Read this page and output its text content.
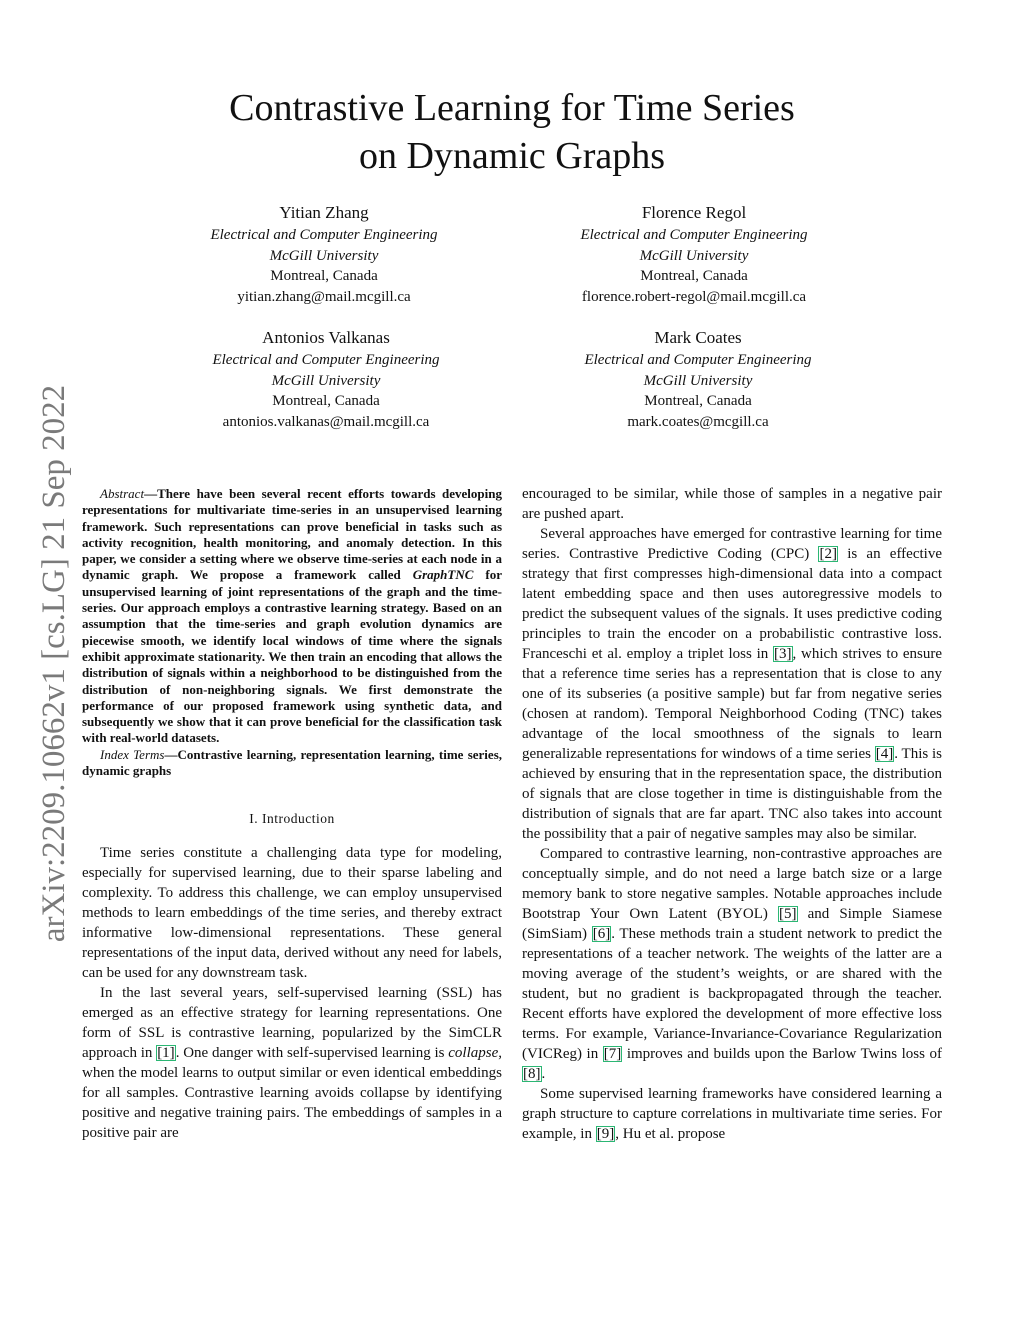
Contrastive Learning for Time Series
on Dynamic Graphs
Yitian Zhang
Electrical and Computer Engineering
McGill University
Montreal, Canada
yitian.zhang@mail.mcgill.ca
Florence Regol
Electrical and Computer Engineering
McGill University
Montreal, Canada
florence.robert-regol@mail.mcgill.ca
Antonios Valkanas
Electrical and Computer Engineering
McGill University
Montreal, Canada
antonios.valkanas@mail.mcgill.ca
Mark Coates
Electrical and Computer Engineering
McGill University
Montreal, Canada
mark.coates@mcgill.ca
arXiv:2209.10662v1 [cs.LG] 21 Sep 2022	Abstract—There have been several recent efforts towards developing representations for multivariate time-series in an unsupervised learning framework. Such representations can prove beneficial in tasks such as activity recognition, health monitoring, and anomaly detection. In this paper, we consider a setting where we observe time-series at each node in a dynamic graph. We propose a framework called GraphTNC for unsupervised learning of joint representations of the graph and the time-series. Our approach employs a contrastive learning strategy. Based on an assumption that the time-series and graph evolution dynamics are piecewise smooth, we identify local windows of time where the signals exhibit approximate stationarity. We then train an encoding that allows the distribution of signals within a neighborhood to be distinguished from the distribution of non-neighboring signals. We first demonstrate the performance of our proposed framework using synthetic data, and subsequently we show that it can prove beneficial for the classification task with real-world datasets.

Index Terms—Contrastive learning, representation learning, time series, dynamic graphs

I. Introduction

Time series constitute a challenging data type for modeling, especially for supervised learning, due to their sparse labeling and complexity. To address this challenge, we can employ unsupervised methods to learn embeddings of the time series, and thereby extract informative low-dimensional representations. These general representations of the input data, derived without any need for labels, can be used for any downstream task.

In the last several years, self-supervised learning (SSL) has emerged as an effective strategy for learning representations. One form of SSL is contrastive learning, popularized by the SimCLR approach in [1]. One danger with self-supervised learning is collapse, when the model learns to output similar or even identical embeddings for all samples. Contrastive learning avoids collapse by identifying positive and negative training pairs. The embeddings of samples in a positive pair are

encouraged to be similar, while those of samples in a negative pair are pushed apart.

Several approaches have emerged for contrastive learning for time series. Contrastive Predictive Coding (CPC) [2] is an effective strategy that first compresses high-dimensional data into a compact latent embedding space and then uses autoregressive models to predict the subsequent values of the signals. It uses predictive coding principles to train the encoder on a probabilistic contrastive loss. Franceschi et al. employ a triplet loss in [3], which strives to ensure that a reference time series has a representation that is close to any one of its subseries (a positive sample) but far from negative series (chosen at random). Temporal Neighborhood Coding (TNC) takes advantage of the local smoothness of the signals to learn generalizable representations for windows of a time series [4]. This is achieved by ensuring that in the representation space, the distribution of signals that are close together in time is distinguishable from the distribution of signals that are far apart. TNC also takes into account the possibility that a pair of negative samples may also be similar.

Compared to contrastive learning, non-contrastive approaches are conceptually simple, and do not need a large batch size or a large memory bank to store negative samples. Notable approaches include Bootstrap Your Own Latent (BYOL) [5] and Simple Siamese (SimSiam) [6]. These methods train a student network to predict the representations of a teacher network. The weights of the latter are a moving average of the student’s weights, or are shared with the student, but no gradient is backpropagated through the teacher. Recent efforts have explored the development of more effective loss terms. For example, Variance-Invariance-Covariance Regularization (VICReg) in [7] improves and builds upon the Barlow Twins loss of [8].

Some supervised learning frameworks have considered learning a graph structure to capture correlations in multivariate time series. For example, in [9], Hu et al. propose
